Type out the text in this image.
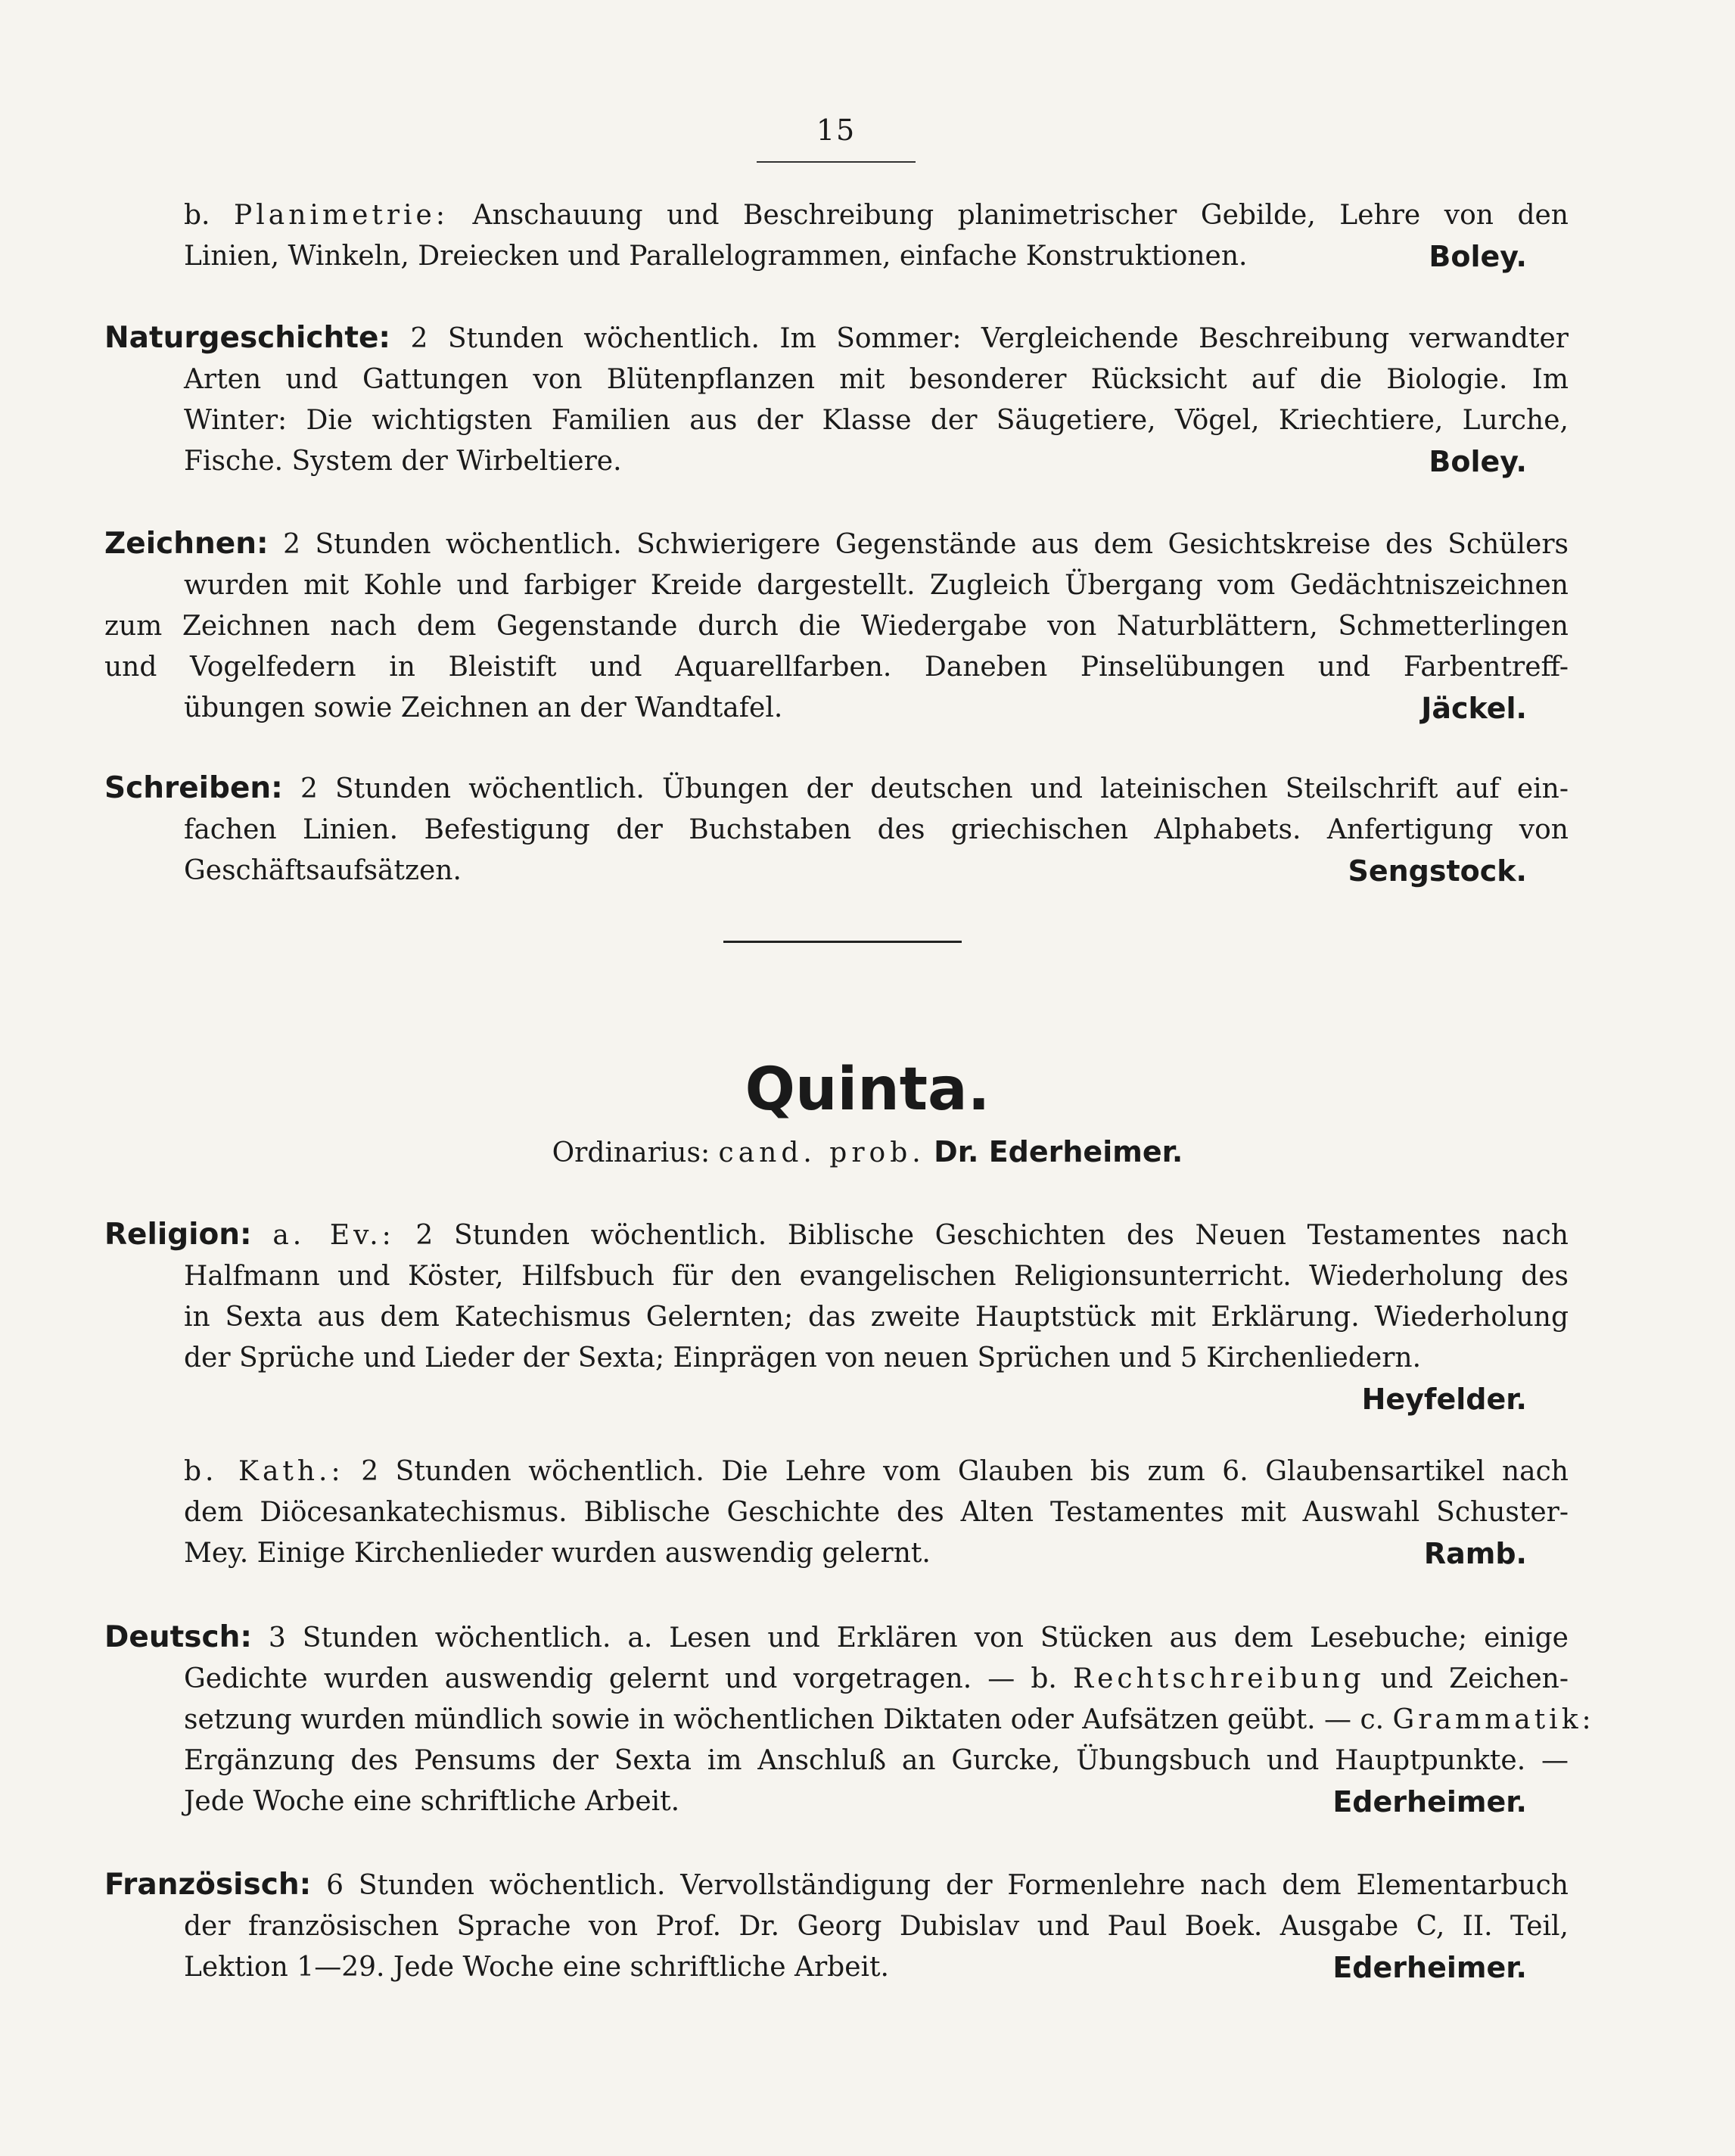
15
b. Planimetrie: Anschauung und Beschreibung planimetrischer Gebilde, Lehre von den
Linien, Winkeln, Dreiecken und Parallelogrammen, einfache Konstruktionen.	Boley.
Naturgeschichte: 2 Stunden wöchentlich. Im Sommer: Vergleichende Beschreibung verwandter
Arten und Gattungen von Blütenpflanzen mit besonderer Rücksicht auf die Biologie. Im
Winter: Die wichtigsten Familien aus der Klasse der Säugetiere, Vögel, Kriechtiere, Lurche,
Fische. System der Wirbeltiere.	Boley.
Zeichnen: 2 Stunden wöchentlich. Schwierigere Gegenstände aus dem Gesichtskreise des Schülers
wurden mit Kohle und farbiger Kreide dargestellt. Zugleich Übergang vom Gedächtniszeichnen
zum Zeichnen nach dem Gegenstande durch die Wiedergabe von Naturblättern, Schmetterlingen
und Vogelfedern in Bleistift und Aquarellfarben. Daneben Pinselübungen und Farbentreff-
übungen sowie Zeichnen an der Wandtafel.	Jäckel.
Schreiben: 2 Stunden wöchentlich. Übungen der deutschen und lateinischen Steilschrift auf ein-
fachen Linien. Befestigung der Buchstaben des griechischen Alphabets. Anfertigung von
Geschäftsaufsätzen.	Sengstock.
Quinta.
Ordinarius: cand. prob. Dr. Ederheimer.
Religion: a. Ev.: 2 Stunden wöchentlich. Biblische Geschichten des Neuen Testamentes nach
Halfmann und Köster, Hilfsbuch für den evangelischen Religionsunterricht. Wiederholung des
in Sexta aus dem Katechismus Gelernten; das zweite Hauptstück mit Erklärung. Wiederholung
der Sprüche und Lieder der Sexta; Einprägen von neuen Sprüchen und 5 Kirchenliedern.
Heyfelder.
b. Kath.: 2 Stunden wöchentlich. Die Lehre vom Glauben bis zum 6. Glaubensartikel nach
dem Diöcesankatechismus. Biblische Geschichte des Alten Testamentes mit Auswahl Schuster-
Mey. Einige Kirchenlieder wurden auswendig gelernt.	Ramb.
Deutsch: 3 Stunden wöchentlich. a. Lesen und Erklären von Stücken aus dem Lesebuche; einige
Gedichte wurden auswendig gelernt und vorgetragen. — b. Rechtschreibung und Zeichen-
setzung wurden mündlich sowie in wöchentlichen Diktaten oder Aufsätzen geübt. — c. Grammatik:
Ergänzung des Pensums der Sexta im Anschluß an Gurcke, Übungsbuch und Hauptpunkte. —
Jede Woche eine schriftliche Arbeit.	Ederheimer.
Französisch: 6 Stunden wöchentlich. Vervollständigung der Formenlehre nach dem Elementarbuch
der französischen Sprache von Prof. Dr. Georg Dubislav und Paul Boek. Ausgabe C, II. Teil,
Lektion 1—29. Jede Woche eine schriftliche Arbeit.	Ederheimer.
